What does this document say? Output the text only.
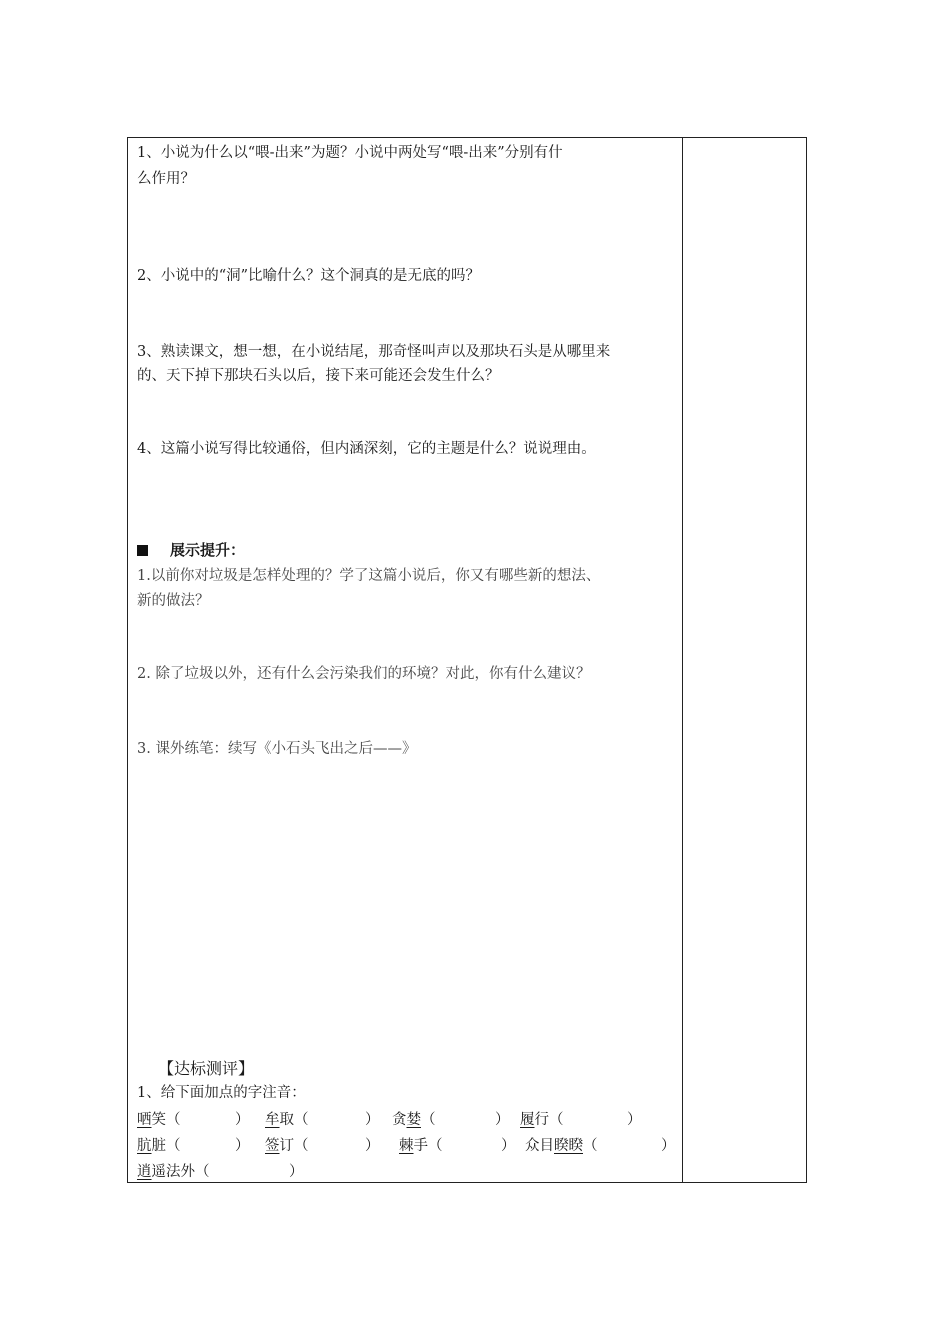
1、小说为什么以“喂-出来”为题？小说中两处写“喂-出来”分别有什
么作用？
2、小说中的“洞”比喻什么？这个洞真的是无底的吗？
3、熟读课文，想一想，在小说结尾，那奇怪叫声以及那块石头是从哪里来
的、天下掉下那块石头以后，接下来可能还会发生什么？
4、这篇小说写得比较通俗，但内涵深刻，它的主题是什么？说说理由。
展示提升：
1.以前你对垃圾是怎样处理的？学了这篇小说后，你又有哪些新的想法、
新的做法？
2. 除了垃圾以外，还有什么会污染我们的环境？对此，你有什么建议？
3. 课外练笔：续写《小石头飞出之后——》
【达标测评】
1、给下面加点的字注音：
哂笑（	） 牟取（	） 贪婪（	） 履行（	）
肮脏（	） 签订（	） 棘手（	） 众目睽睽（	）
逍遥法外（	）
